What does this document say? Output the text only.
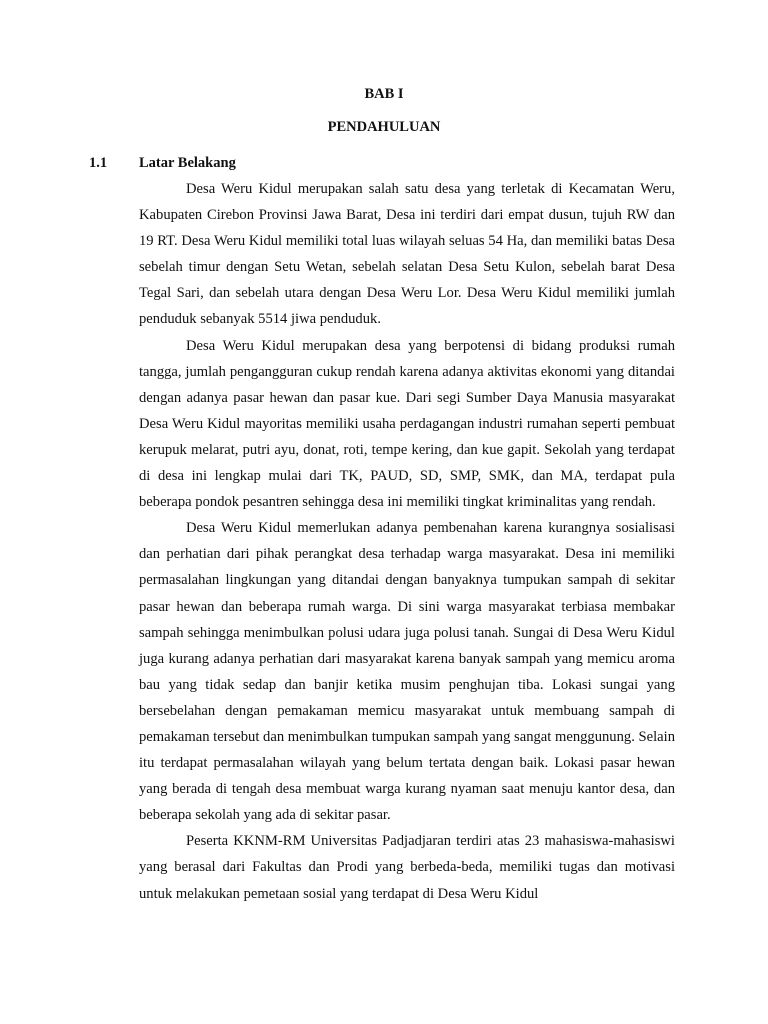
BAB I
PENDAHULUAN
1.1 Latar Belakang

Desa Weru Kidul merupakan salah satu desa yang terletak di Kecamatan Weru, Kabupaten Cirebon Provinsi Jawa Barat, Desa ini terdiri dari empat dusun, tujuh RW dan 19 RT. Desa Weru Kidul memiliki total luas wilayah seluas 54 Ha, dan memiliki batas Desa sebelah timur dengan Setu Wetan, sebelah selatan Desa Setu Kulon, sebelah barat Desa Tegal Sari, dan sebelah utara dengan Desa Weru Lor. Desa Weru Kidul memiliki jumlah penduduk sebanyak 5514 jiwa penduduk.

Desa Weru Kidul merupakan desa yang berpotensi di bidang produksi rumah tangga, jumlah pengangguran cukup rendah karena adanya aktivitas ekonomi yang ditandai dengan adanya pasar hewan dan pasar kue. Dari segi Sumber Daya Manusia masyarakat Desa Weru Kidul mayoritas memiliki usaha perdagangan industri rumahan seperti pembuat kerupuk melarat, putri ayu, donat, roti, tempe kering, dan kue gapit. Sekolah yang terdapat di desa ini lengkap mulai dari TK, PAUD, SD, SMP, SMK, dan MA, terdapat pula beberapa pondok pesantren sehingga desa ini memiliki tingkat kriminalitas yang rendah.

Desa Weru Kidul memerlukan adanya pembenahan karena kurangnya sosialisasi dan perhatian dari pihak perangkat desa terhadap warga masyarakat. Desa ini memiliki permasalahan lingkungan yang ditandai dengan banyaknya tumpukan sampah di sekitar pasar hewan dan beberapa rumah warga. Di sini warga masyarakat terbiasa membakar sampah sehingga menimbulkan polusi udara juga polusi tanah. Sungai di Desa Weru Kidul juga kurang adanya perhatian dari masyarakat karena banyak sampah yang memicu aroma bau yang tidak sedap dan banjir ketika musim penghujan tiba. Lokasi sungai yang bersebelahan dengan pemakaman memicu masyarakat untuk membuang sampah di pemakaman tersebut dan menimbulkan tumpukan sampah yang sangat menggunung. Selain itu terdapat permasalahan wilayah yang belum tertata dengan baik. Lokasi pasar hewan yang berada di tengah desa membuat warga kurang nyaman saat menuju kantor desa, dan beberapa sekolah yang ada di sekitar pasar.

Peserta KKNM-RM Universitas Padjadjaran terdiri atas 23 mahasiswa-mahasiswi yang berasal dari Fakultas dan Prodi yang berbeda-beda, memiliki tugas dan motivasi untuk melakukan pemetaan sosial yang terdapat di Desa Weru Kidul
